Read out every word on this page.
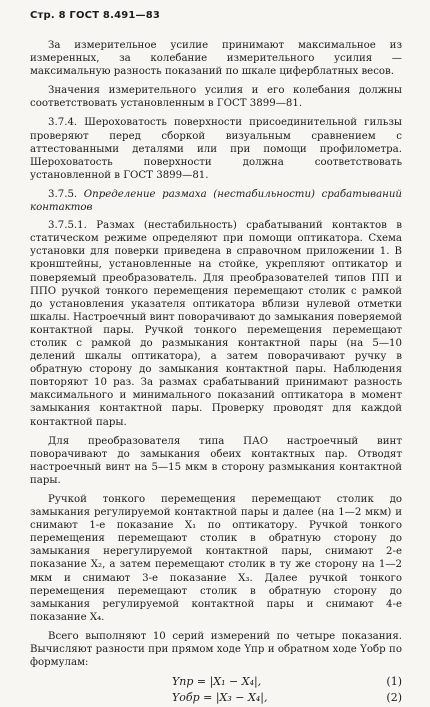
Стр. 8 ГОСТ 8.491—83

За измерительное усилие принимают максимальное из измеренных, за колебание измерительного усилия — максимальную разность показаний по шкале циферблатных весов.

Значения измерительного усилия и его колебания должны соответствовать установленным в ГОСТ 3899—81.

3.7.4. Шероховатость поверхности присоединительной гильзы проверяют перед сборкой визуальным сравнением с аттестованными деталями или при помощи профилометра. Шероховатость поверхности должна соответствовать установленной в ГОСТ 3899—81.

3.7.5. Определение размаха (нестабильности) срабатываний контактов

3.7.5.1. Размах (нестабильность) срабатываний контактов в статическом режиме определяют при помощи оптикатора. Схема установки для поверки приведена в справочном приложении 1. В кронштейны, установленные на стойке, укрепляют оптикатор и поверяемый преобразователь. Для преобразователей типов ПП и ППО ручкой тонкого перемещения перемещают столик с рамкой до установления указателя оптикатора вблизи нулевой отметки шкалы. Настроечный винт поворачивают до замыкания поверяемой контактной пары. Ручкой тонкого перемещения перемещают столик с рамкой до размыкания контактной пары (на 5—10 делений шкалы оптикатора), а затем поворачивают ручку в обратную сторону до замыкания контактной пары. Наблюдения повторяют 10 раз. За размах срабатываний принимают разность максимального и минимального показаний оптикатора в момент замыкания контактной пары. Проверку проводят для каждой контактной пары.

Для преобразователя типа ПАО настроечный винт поворачивают до замыкания обеих контактных пар. Отводят настроечный винт на 5—15 мкм в сторону размыкания контактной пары.

Ручкой тонкого перемещения перемещают столик до замыкания регулируемой контактной пары и далее (на 1—2 мкм) и снимают 1-е показание X₁ по оптикатору. Ручкой тонкого перемещения перемещают столик в обратную сторону до замыкания нерегулируемой контактной пары, снимают 2-е показание X₂, а затем перемещают столик в ту же сторону на 1—2 мкм и снимают 3-е показание X₃. Далее ручкой тонкого перемещения перемещают столик в обратную сторону до замыкания регулируемой контактной пары и снимают 4-е показание X₄.

Всего выполняют 10 серий измерений по четыре показания. Вычисляют разности при прямом ходе Yпр и обратном ходе Yобр по формулам:

Yпр = |X₁ − X₄|,	(1)
Yобр = |X₃ − X₄|,	(2)
